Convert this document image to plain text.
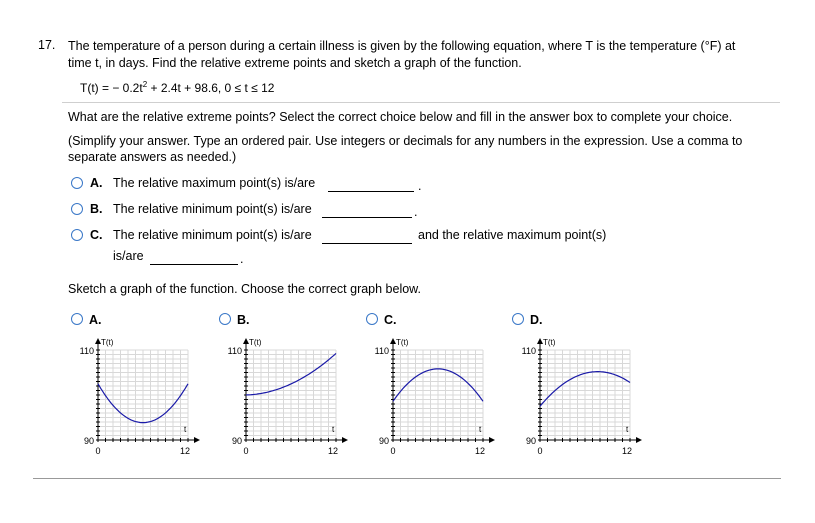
17. The temperature of a person during a certain illness is given by the following equation, where T is the temperature (°F) at
time t, in days. Find the relative extreme points and sketch a graph of the function.
T(t) = − $0.2t^2 + 2.4t + 98.6$, 0 ≤ t ≤ 12
What are the relative extreme points? Select the correct choice below and fill in the answer box to complete your choice.
(Simplify your answer. Type an ordered pair. Use integers or decimals for any numbers in the expression. Use a comma to separate answers as needed.)
A. The relative maximum point(s) is/are	.
B. The relative minimum point(s) is/are	.
C. The relative minimum point(s) is/are	and the relative maximum point(s)
is/are	.
Sketch a graph of the function. Choose the correct graph below.
A.	B.	C.	D.
T(t)
110
90
0	12
t
T(t)
110
90
0	12
t
T(t)
110
90
0	12
t
T(t)
110
90
0	12
t
